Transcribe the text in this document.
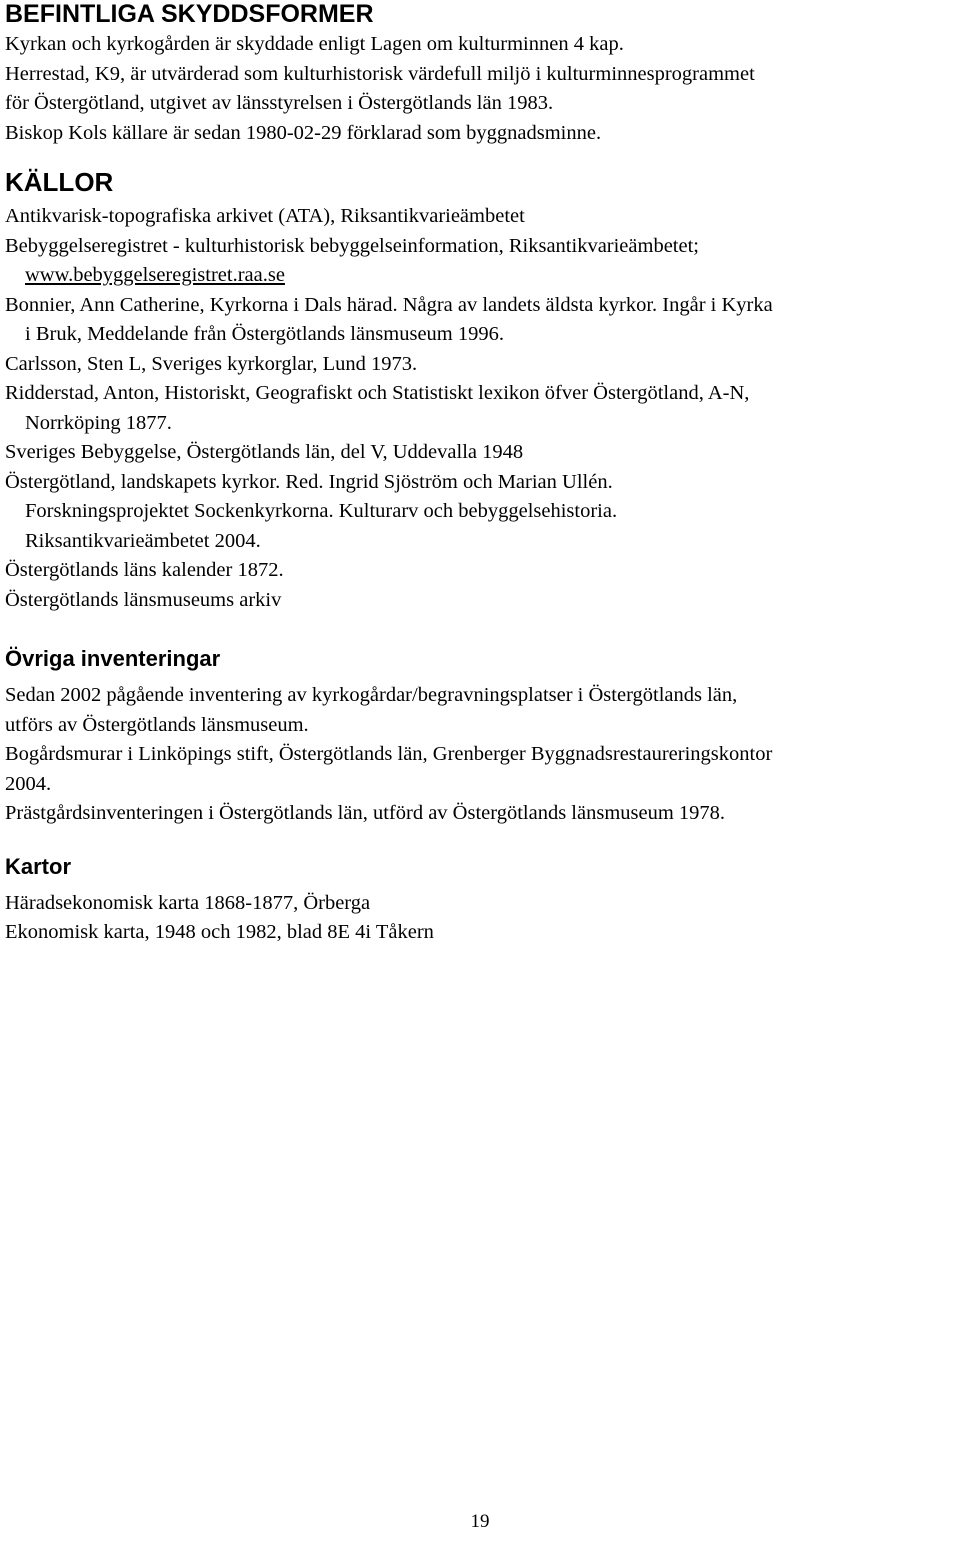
BEFINTLIGA SKYDDSFORMER
Kyrkan och kyrkogården är skyddade enligt Lagen om kulturminnen 4 kap.
Herrestad, K9, är utvärderad som kulturhistorisk värdefull miljö i kulturminnesprogrammet
för Östergötland, utgivet av länsstyrelsen i Östergötlands län 1983.
Biskop Kols källare är sedan 1980-02-29 förklarad som byggnadsminne.
KÄLLOR
Antikvarisk-topografiska arkivet (ATA), Riksantikvarieämbetet
Bebyggelseregistret - kulturhistorisk bebyggelseinformation, Riksantikvarieämbetet;
www.bebyggelseregistret.raa.se
Bonnier, Ann Catherine, Kyrkorna i Dals härad. Några av landets äldsta kyrkor. Ingår i Kyrka
i Bruk, Meddelande från Östergötlands länsmuseum 1996.
Carlsson, Sten L, Sveriges kyrkorglar, Lund 1973.
Ridderstad, Anton, Historiskt, Geografiskt och Statistiskt lexikon öfver Östergötland, A-N,
Norrköping 1877.
Sveriges Bebyggelse, Östergötlands län, del V, Uddevalla 1948
Östergötland, landskapets kyrkor. Red. Ingrid Sjöström och Marian Ullén.
Forskningsprojektet Sockenkyrkorna. Kulturarv och bebyggelsehistoria.
Riksantikvarieämbetet 2004.
Östergötlands läns kalender 1872.
Östergötlands länsmuseums arkiv
Övriga inventeringar
Sedan 2002 pågående inventering av kyrkogårdar/begravningsplatser i Östergötlands län,
utförs av Östergötlands länsmuseum.
Bogårdsmurar i Linköpings stift, Östergötlands län, Grenberger Byggnadsrestaureringskontor
2004.
Prästgårdsinventeringen i Östergötlands län, utförd av Östergötlands länsmuseum 1978.
Kartor
Häradsekonomisk karta 1868-1877, Örberga
Ekonomisk karta, 1948 och 1982, blad 8E 4i Tåkern
19
